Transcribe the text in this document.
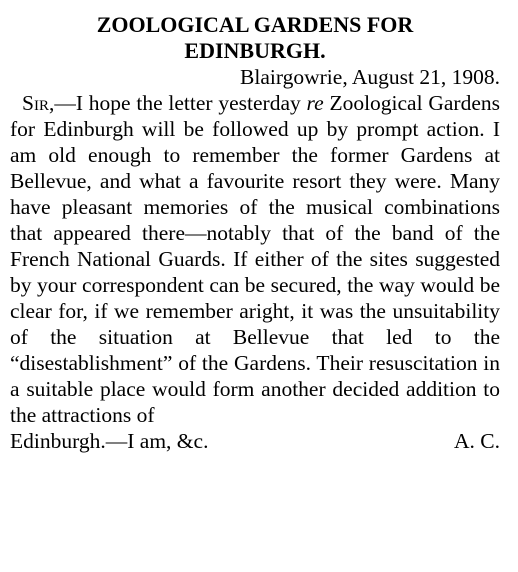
ZOOLOGICAL GARDENS FOR
EDINBURGH.

Blairgowrie, August 21, 1908.

Sir,—I hope the letter yesterday re Zoological Gardens for Edinburgh will be followed up by prompt action. I am old enough to remember the former Gardens at Bellevue, and what a favourite resort they were. Many have pleasant memories of the musical combinations that appeared there—notably that of the band of the French National Guards. If either of the sites suggested by your correspondent can be secured, the way would be clear for, if we remember aright, it was the unsuitability of the situation at Bellevue that led to the “disestablishment” of the Gardens. Their resuscitation in a suitable place would form another decided addition to the attractions of

Edinburgh.—I am, &c.	A. C.
